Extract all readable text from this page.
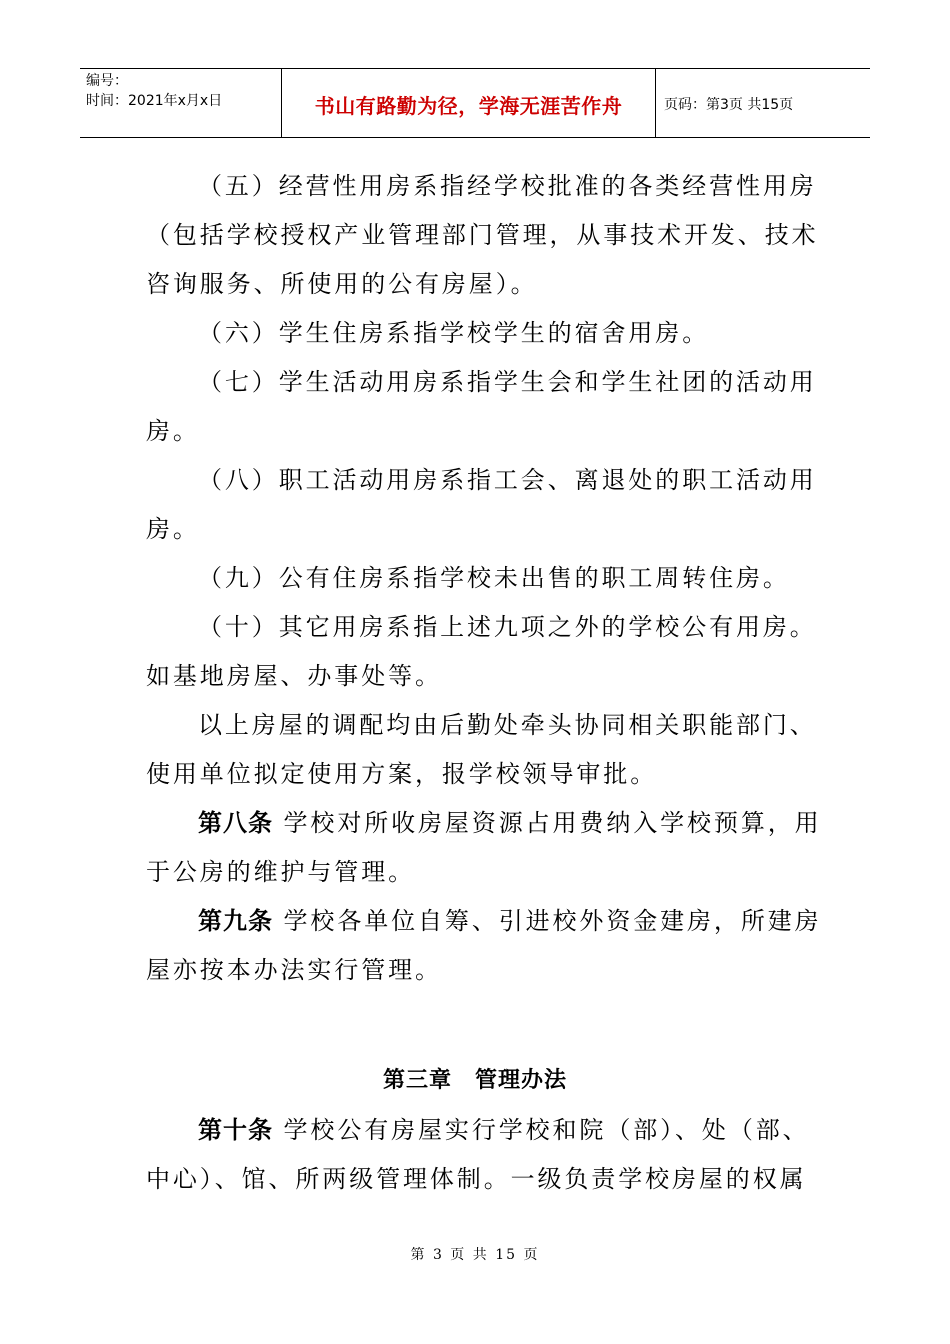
编号：
时间：2021年x月x日	书山有路勤为径，学海无涯苦作舟	页码：第3页 共15页
（五）经营性用房系指经学校批准的各类经营性用房
（包括学校授权产业管理部门管理，从事技术开发、技术
咨询服务、所使用的公有房屋）。
（六）学生住房系指学校学生的宿舍用房。
（七）学生活动用房系指学生会和学生社团的活动用
房。
（八）职工活动用房系指工会、离退处的职工活动用
房。
（九）公有住房系指学校未出售的职工周转住房。
（十）其它用房系指上述九项之外的学校公有用房。
如基地房屋、办事处等。
以上房屋的调配均由后勤处牵头协同相关职能部门、
使用单位拟定使用方案，报学校领导审批。
第八条 学校对所收房屋资源占用费纳入学校预算，用
于公房的维护与管理。
第九条 学校各单位自筹、引进校外资金建房，所建房
屋亦按本办法实行管理。
第三章　管理办法
第十条 学校公有房屋实行学校和院（部）、处（部、
中心）、馆、所两级管理体制。一级负责学校房屋的权属
第 3 页 共 15 页
